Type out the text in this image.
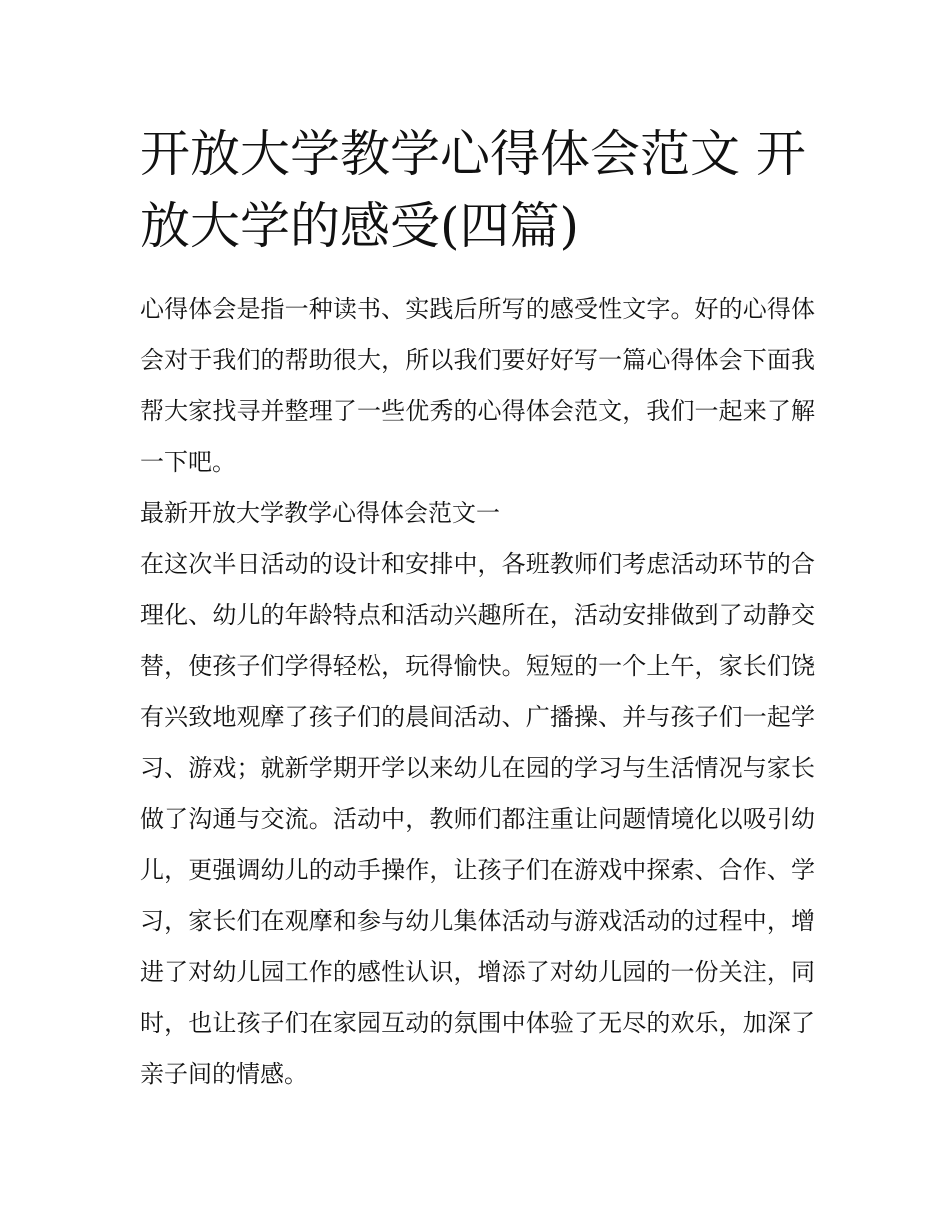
开放大学教学心得体会范文 开放大学的感受(四篇)

心得体会是指一种读书、实践后所写的感受性文字。好的心得体会对于我们的帮助很大，所以我们要好好写一篇心得体会下面我帮大家找寻并整理了一些优秀的心得体会范文，我们一起来了解一下吧。

最新开放大学教学心得体会范文一

在这次半日活动的设计和安排中，各班教师们考虑活动环节的合理化、幼儿的年龄特点和活动兴趣所在，活动安排做到了动静交替，使孩子们学得轻松，玩得愉快。短短的一个上午，家长们饶有兴致地观摩了孩子们的晨间活动、广播操、并与孩子们一起学习、游戏；就新学期开学以来幼儿在园的学习与生活情况与家长做了沟通与交流。活动中，教师们都注重让问题情境化以吸引幼儿，更强调幼儿的动手操作，让孩子们在游戏中探索、合作、学习，家长们在观摩和参与幼儿集体活动与游戏活动的过程中，增进了对幼儿园工作的感性认识，增添了对幼儿园的一份关注，同时，也让孩子们在家园互动的氛围中体验了无尽的欢乐，加深了亲子间的情感。
